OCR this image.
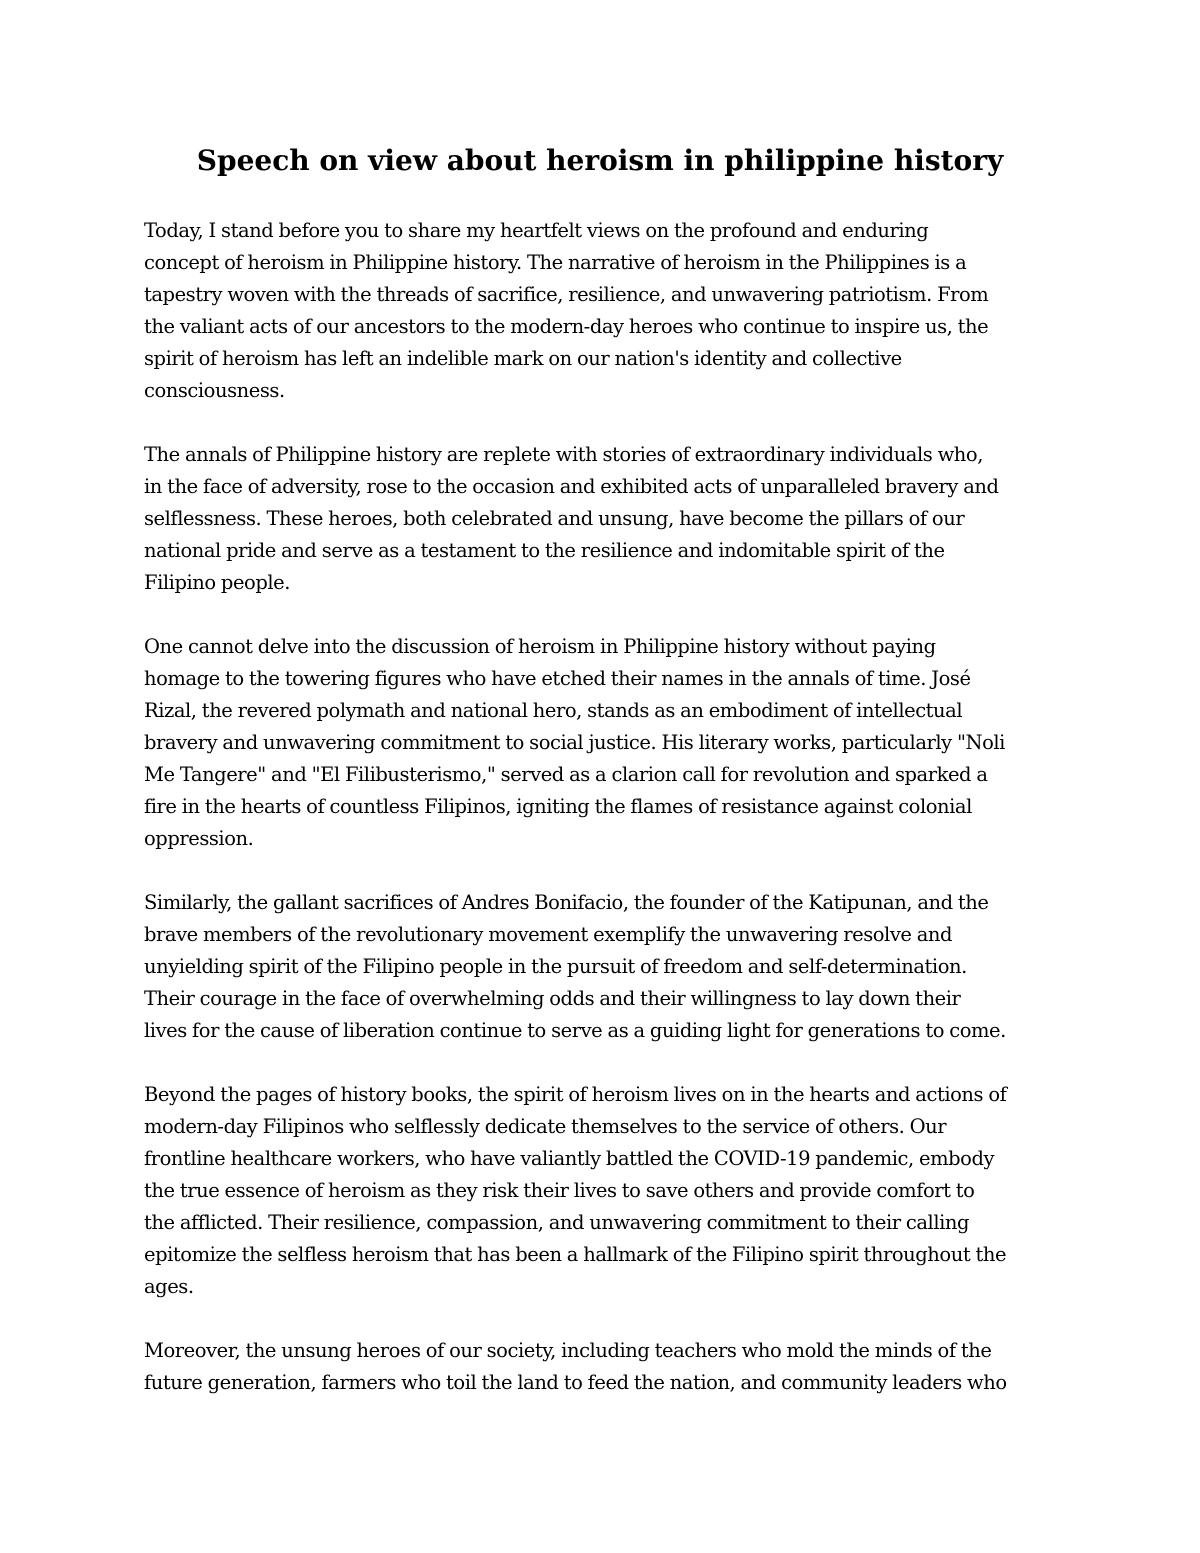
Speech on view about heroism in philippine history

Today, I stand before you to share my heartfelt views on the profound and enduring
concept of heroism in Philippine history. The narrative of heroism in the Philippines is a
tapestry woven with the threads of sacrifice, resilience, and unwavering patriotism. From
the valiant acts of our ancestors to the modern-day heroes who continue to inspire us, the
spirit of heroism has left an indelible mark on our nation's identity and collective
consciousness.

The annals of Philippine history are replete with stories of extraordinary individuals who,
in the face of adversity, rose to the occasion and exhibited acts of unparalleled bravery and
selflessness. These heroes, both celebrated and unsung, have become the pillars of our
national pride and serve as a testament to the resilience and indomitable spirit of the
Filipino people.

One cannot delve into the discussion of heroism in Philippine history without paying
homage to the towering figures who have etched their names in the annals of time. José
Rizal, the revered polymath and national hero, stands as an embodiment of intellectual
bravery and unwavering commitment to social justice. His literary works, particularly "Noli
Me Tangere" and "El Filibusterismo," served as a clarion call for revolution and sparked a
fire in the hearts of countless Filipinos, igniting the flames of resistance against colonial
oppression.

Similarly, the gallant sacrifices of Andres Bonifacio, the founder of the Katipunan, and the
brave members of the revolutionary movement exemplify the unwavering resolve and
unyielding spirit of the Filipino people in the pursuit of freedom and self-determination.
Their courage in the face of overwhelming odds and their willingness to lay down their
lives for the cause of liberation continue to serve as a guiding light for generations to come.

Beyond the pages of history books, the spirit of heroism lives on in the hearts and actions of
modern-day Filipinos who selflessly dedicate themselves to the service of others. Our
frontline healthcare workers, who have valiantly battled the COVID-19 pandemic, embody
the true essence of heroism as they risk their lives to save others and provide comfort to
the afflicted. Their resilience, compassion, and unwavering commitment to their calling
epitomize the selfless heroism that has been a hallmark of the Filipino spirit throughout the
ages.

Moreover, the unsung heroes of our society, including teachers who mold the minds of the
future generation, farmers who toil the land to feed the nation, and community leaders who
